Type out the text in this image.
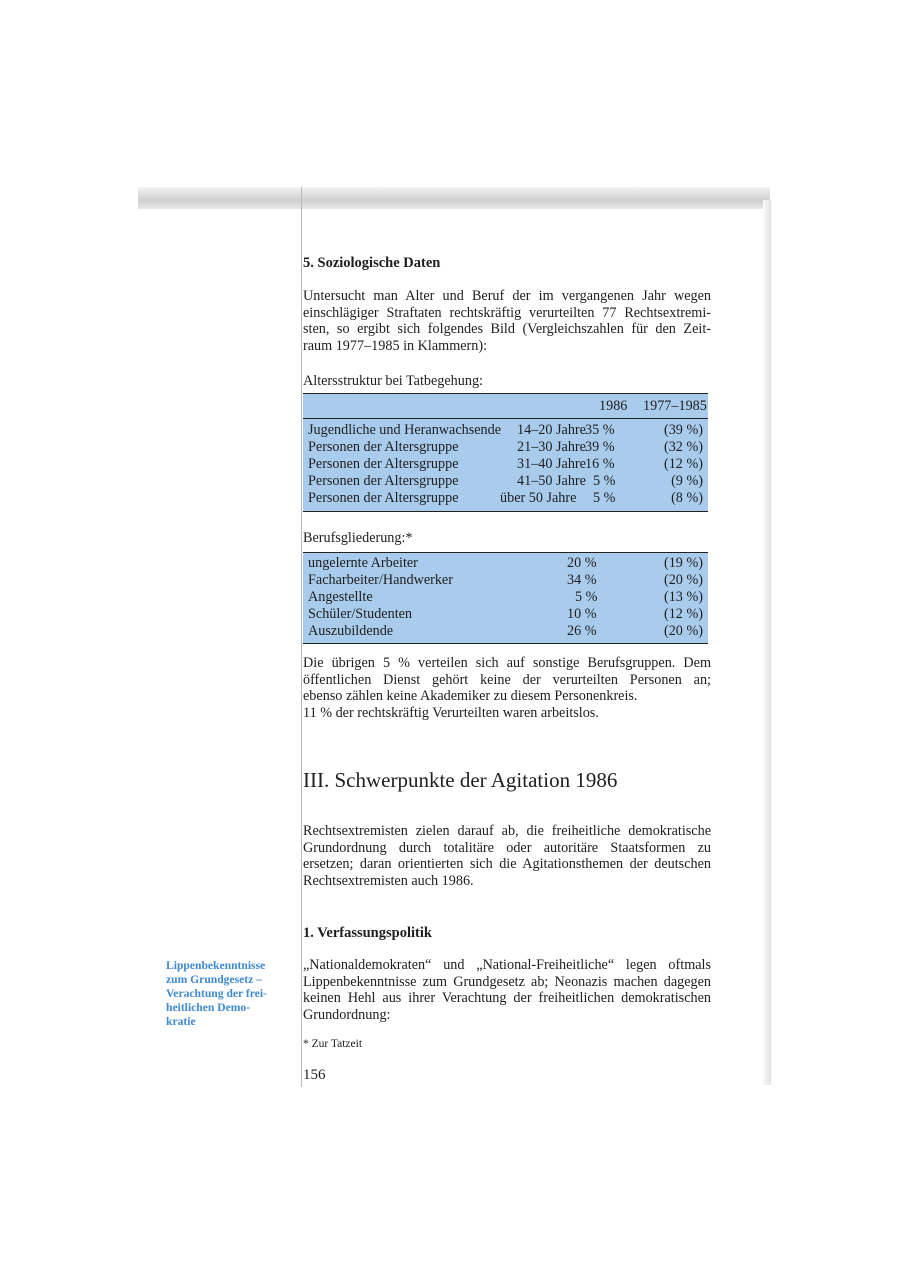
5. Soziologische Daten

Untersucht man Alter und Beruf der im vergangenen Jahr wegen
einschlägiger Straftaten rechtskräftig verurteilten 77 Rechtsextremi-
sten, so ergibt sich folgendes Bild (Vergleichszahlen für den Zeit-
raum 1977–1985 in Klammern):

Altersstruktur bei Tatbegehung:
1986 1977–1985
Jugendliche und Heranwachsende 14–20 Jahre 35 %	(39 %)
Personen der Altersgruppe	21–30 Jahre 39 %	(32 %)
Personen der Altersgruppe	31–40 Jahre 16 %	(12 %)
Personen der Altersgruppe	41–50 Jahre 5 %	(9 %)
Personen der Altersgruppe	über 50 Jahre 5 %	(8 %)
Berufsgliederung:*
ungelernte Arbeiter	20 %	(19 %)
Facharbeiter/Handwerker	34 %	(20 %)
Angestellte	5 %	(13 %)
Schüler/Studenten	10 %	(12 %)
Auszubildende	26 %	(20 %)

Die übrigen 5 % verteilen sich auf sonstige Berufsgruppen. Dem
öffentlichen Dienst gehört keine der verurteilten Personen an;
ebenso zählen keine Akademiker zu diesem Personenkreis.
11 % der rechtskräftig Verurteilten waren arbeitslos.

III. Schwerpunkte der Agitation 1986

Rechtsextremisten zielen darauf ab, die freiheitliche demokratische
Grundordnung durch totalitäre oder autoritäre Staatsformen zu
ersetzen; daran orientierten sich die Agitationsthemen der deutschen
Rechtsextremisten auch 1986.

1. Verfassungspolitik
Lippenbekenntnisse
zum Grundgesetz –
Verachtung der frei-
heitlichen Demo-
kratie

„Nationaldemokraten“ und „National-Freiheitliche“ legen oftmals
Lippenbekenntnisse zum Grundgesetz ab; Neonazis machen dagegen
keinen Hehl aus ihrer Verachtung der freiheitlichen demokratischen
Grundordnung:

* Zur Tatzeit
156
